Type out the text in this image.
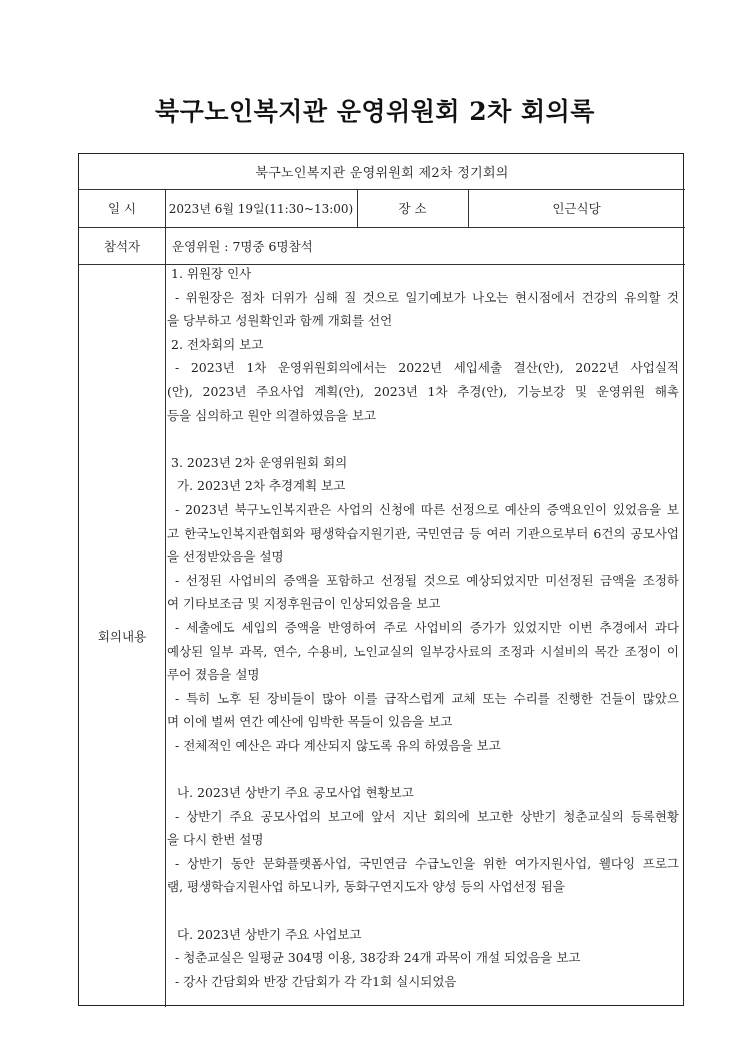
북구노인복지관 운영위원회 2차 회의록
북구노인복지관 운영위원회 제2차 정기회의
일 시	2023년 6월 19일(11:30~13:00)	장 소	인근식당
참석자	운영위원 : 7명중 6명참석
회의내용
1. 위원장 인사
- 위원장은 점차 더위가 심해 질 것으로 일기예보가 나오는 현시점에서 건강의 유의할 것
을 당부하고 성원확인과 함께 개회를 선언
2. 전차회의 보고
- 2023년 1차 운영위원회의에서는 2022년 세입세출 결산(안), 2022년 사업실적
(안), 2023년 주요사업 계획(안), 2023년 1차 추경(안), 기능보강 및 운영위원 해촉
등을 심의하고 원안 의결하였음을 보고
3. 2023년 2차 운영위원회 회의
가. 2023년 2차 추경계획 보고
- 2023년 북구노인복지관은 사업의 신청에 따른 선정으로 예산의 증액요인이 있었음을 보
고 한국노인복지관협회와 평생학습지원기관, 국민연금 등 여러 기관으로부터 6건의 공모사업
을 선정받았음을 설명
- 선정된 사업비의 증액을 포함하고 선정될 것으로 예상되었지만 미선정된 금액을 조정하
여 기타보조금 및 지정후원금이 인상되었음을 보고
- 세출에도 세입의 증액을 반영하여 주로 사업비의 증가가 있었지만 이번 추경에서 과다
예상된 일부 과목, 연수, 수용비, 노인교실의 일부강사료의 조정과 시설비의 목간 조정이 이
루어 졌음을 설명
- 특히 노후 된 장비들이 많아 이를 급작스럽게 교체 또는 수리를 진행한 건들이 많았으
며 이에 벌써 연간 예산에 임박한 목들이 있음을 보고
- 전체적인 예산은 과다 계산되지 않도록 유의 하였음을 보고
나. 2023년 상반기 주요 공모사업 현황보고
- 상반기 주요 공모사업의 보고에 앞서 지난 회의에 보고한 상반기 청춘교실의 등록현황
을 다시 한번 설명
- 상반기 동안 문화플랫폼사업, 국민연금 수급노인을 위한 여가지원사업, 웰다잉 프로그
램, 평생학습지원사업 하모니카, 동화구연지도자 양성 등의 사업선정 됨을
다. 2023년 상반기 주요 사업보고
- 청춘교실은 일평균 304명 이용, 38강좌 24개 과목이 개설 되었음을 보고
- 강사 간담회와 반장 간담회가 각 각1회 실시되었음
